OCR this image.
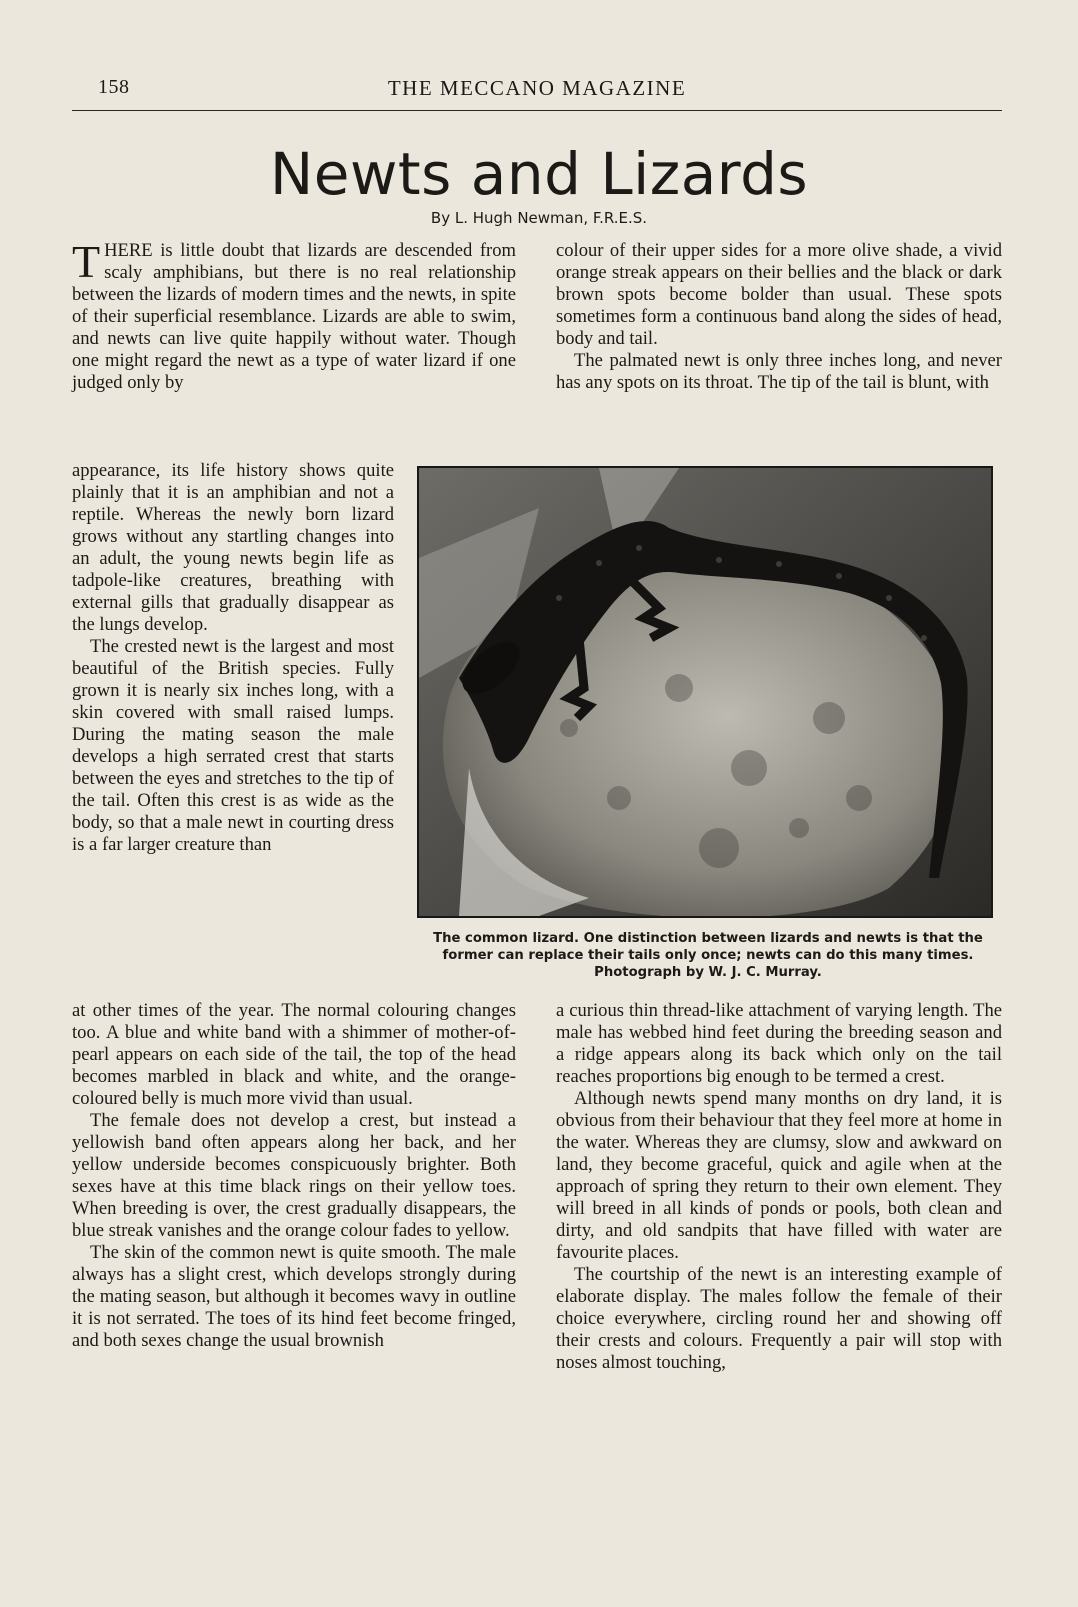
158	THE MECCANO MAGAZINE
Newts and Lizards
By L. Hugh Newman, F.R.E.S.

THERE is little doubt that lizards are descended from scaly amphibians, but there is no real relationship between the lizards of modern times and the newts, in spite of their superficial resemblance. Lizards are able to swim, and newts can live quite happily without water. Though one might regard the newt as a type of water lizard if one judged only by

appearance, its life history shows quite plainly that it is an amphibian and not a reptile. Whereas the newly born lizard grows without any startling changes into an adult, the young newts begin life as tadpole-like creatures, breathing with external gills that gradually disappear as the lungs develop.

The crested newt is the largest and most beautiful of the British species. Fully grown it is nearly six inches long, with a skin covered with small raised lumps. During the mating season the male develops a high serrated crest that starts between the eyes and stretches to the tip of the tail. Often this crest is as wide as the body, so that a male newt in courting dress is a far larger creature than

at other times of the year. The normal colouring changes too. A blue and white band with a shimmer of mother-of-pearl appears on each side of the tail, the top of the head becomes marbled in black and white, and the orange-coloured belly is much more vivid than usual.

The female does not develop a crest, but instead a yellowish band often appears along her back, and her yellow underside becomes conspicuously brighter. Both sexes have at this time black rings on their yellow toes. When breeding is over, the crest gradually disappears, the blue streak vanishes and the orange colour fades to yellow.

The skin of the common newt is quite smooth. The male always has a slight crest, which develops strongly during the mating season, but although it becomes wavy in outline it is not serrated. The toes of its hind feet become fringed, and both sexes change the usual brownish

colour of their upper sides for a more olive shade, a vivid orange streak appears on their bellies and the black or dark brown spots become bolder than usual. These spots sometimes form a continuous band along the sides of head, body and tail.

The palmated newt is only three inches long, and never has any spots on its throat. The tip of the tail is blunt, with

The common lizard. One distinction between lizards and newts is that the former can replace their tails only once; newts can do this many times. Photograph by W. J. C. Murray.

a curious thin thread-like attachment of varying length. The male has webbed hind feet during the breeding season and a ridge appears along its back which only on the tail reaches proportions big enough to be termed a crest.

Although newts spend many months on dry land, it is obvious from their behaviour that they feel more at home in the water. Whereas they are clumsy, slow and awkward on land, they become graceful, quick and agile when at the approach of spring they return to their own element. They will breed in all kinds of ponds or pools, both clean and dirty, and old sandpits that have filled with water are favourite places.

The courtship of the newt is an interesting example of elaborate display. The males follow the female of their choice everywhere, circling round her and showing off their crests and colours. Frequently a pair will stop with noses almost touching,
